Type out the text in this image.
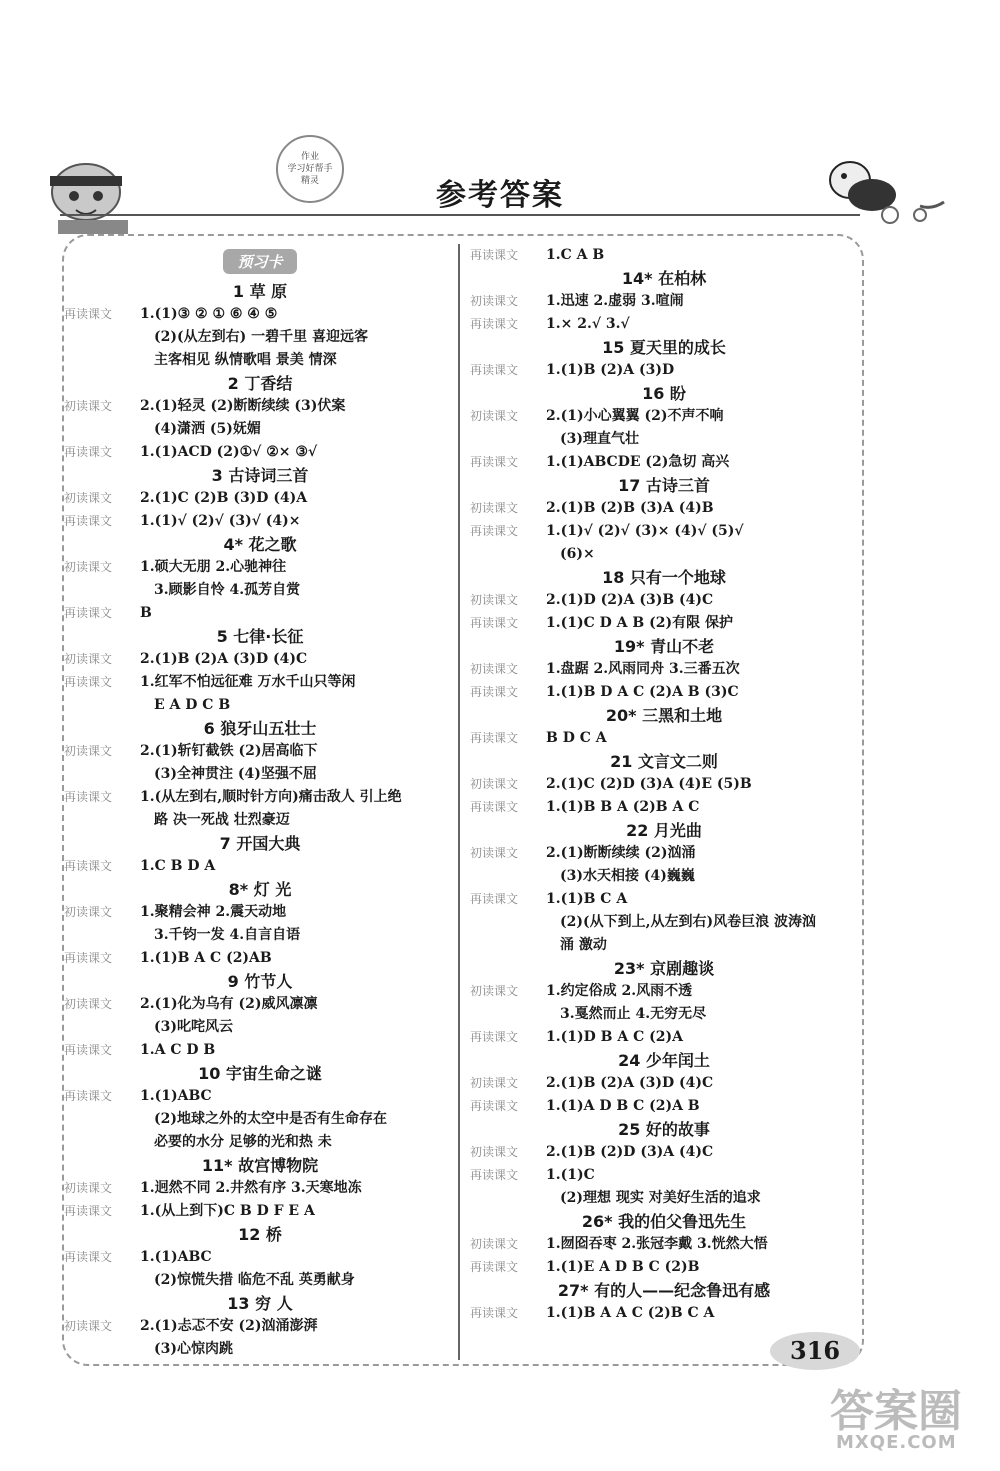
作业
学习好帮手
精灵	参考答案
预习卡
1 草 原
再读课文 1.(1)③ ② ① ⑥ ④ ⑤
(2)(从左到右) 一碧千里 喜迎远客
主客相见 纵情歌唱 景美 情深
2 丁香结
初读课文 2.(1)轻灵 (2)断断续续 (3)伏案
(4)潇洒 (5)妩媚
再读课文 1.(1)ACD (2)①√ ②× ③√
3 古诗词三首
初读课文 2.(1)C (2)B (3)D (4)A
再读课文 1.(1)√ (2)√ (3)√ (4)×
4* 花之歌
初读课文 1.硕大无朋 2.心驰神往
3.顾影自怜 4.孤芳自赏
再读课文 B
5 七律·长征
初读课文 2.(1)B (2)A (3)D (4)C
再读课文 1.红军不怕远征难 万水千山只等闲
E A D C B
6 狼牙山五壮士
初读课文 2.(1)斩钉截铁 (2)居高临下
(3)全神贯注 (4)坚强不屈
再读课文 1.(从左到右,顺时针方向)痛击敌人 引上绝
路 决一死战 壮烈豪迈
7 开国大典
再读课文 1.C B D A
8* 灯 光
初读课文 1.聚精会神 2.震天动地
3.千钧一发 4.自言自语
再读课文 1.(1)B A C (2)AB
9 竹节人
初读课文 2.(1)化为乌有 (2)威风凛凛
(3)叱咤风云
再读课文 1.A C D B
10 宇宙生命之谜
再读课文 1.(1)ABC
(2)地球之外的太空中是否有生命存在
必要的水分 足够的光和热 未
11* 故宫博物院
初读课文 1.迥然不同 2.井然有序 3.天寒地冻
再读课文 1.(从上到下)C B D F E A
12 桥
再读课文 1.(1)ABC
(2)惊慌失措 临危不乱 英勇献身
13 穷 人
初读课文 2.(1)忐忑不安 (2)汹涌澎湃
(3)心惊肉跳
再读课文 1.C A B
14* 在柏林
初读课文 1.迅速 2.虚弱 3.喧闹
再读课文 1.× 2.√ 3.√
15 夏天里的成长
再读课文 1.(1)B (2)A (3)D
16 盼
初读课文 2.(1)小心翼翼 (2)不声不响
(3)理直气壮
再读课文 1.(1)ABCDE (2)急切 高兴
17 古诗三首
初读课文 2.(1)B (2)B (3)A (4)B
再读课文 1.(1)√ (2)√ (3)× (4)√ (5)√
(6)×
18 只有一个地球
初读课文 2.(1)D (2)A (3)B (4)C
再读课文 1.(1)C D A B (2)有限 保护
19* 青山不老
初读课文 1.盘踞 2.风雨同舟 3.三番五次
再读课文 1.(1)B D A C (2)A B (3)C
20* 三黑和土地
再读课文 B D C A
21 文言文二则
初读课文 2.(1)C (2)D (3)A (4)E (5)B
再读课文 1.(1)B B A (2)B A C
22 月光曲
初读课文 2.(1)断断续续 (2)汹涌
(3)水天相接 (4)巍巍
再读课文 1.(1)B C A
(2)(从下到上,从左到右)风卷巨浪 波涛汹
涌 激动
23* 京剧趣谈
初读课文 1.约定俗成 2.风雨不透
3.戛然而止 4.无穷无尽
再读课文 1.(1)D B A C (2)A
24 少年闰土
初读课文 2.(1)B (2)A (3)D (4)C
再读课文 1.(1)A D B C (2)A B
25 好的故事
初读课文 2.(1)B (2)D (3)A (4)C
再读课文 1.(1)C
(2)理想 现实 对美好生活的追求
26* 我的伯父鲁迅先生
初读课文 1.囫囵吞枣 2.张冠李戴 3.恍然大悟
再读课文 1.(1)E A D B C (2)B
27* 有的人——纪念鲁迅有感
再读课文 1.(1)B A A C (2)B C A
316
答案圈
MXQE.COM
